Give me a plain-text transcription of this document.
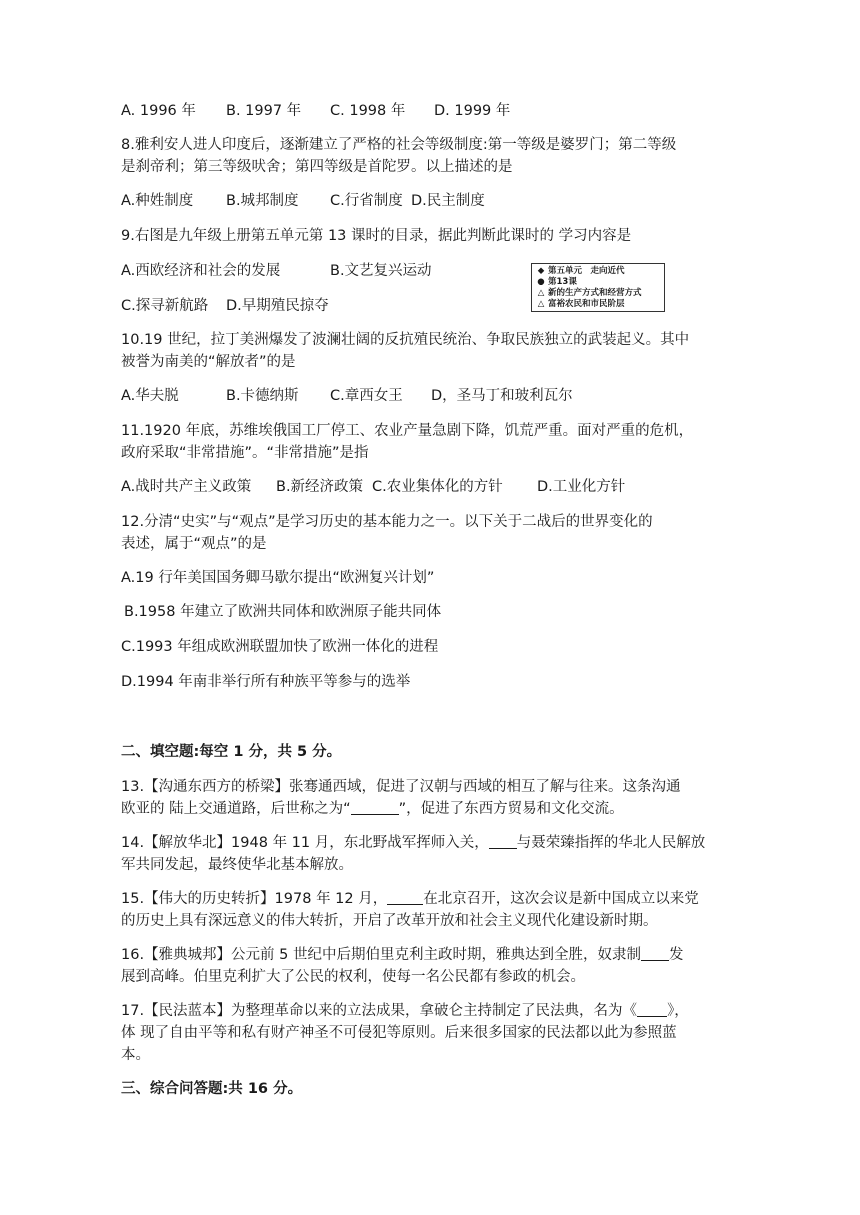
A. 1996 年 B. 1997 年 C. 1998 年 D. 1999 年
8.雅利安人进人印度后，逐渐建立了严格的社会等级制度:第一等级是婆罗门；第二等级
是刹帝利；第三等级吠舍；第四等级是首陀罗。以上描述的是
A.种姓制度 B.城邦制度 C.行省制度 D.民主制度
9.右图是九年级上册第五单元第 13 课时的目录，据此判断此课时的 学习内容是
A.西欧经济和社会的发展	B.文艺复兴运动
C.探寻新航路 D.早期殖民掠夺
◆ 第五单元　走向近代
● 第13课
△ 新的生产方式和经营方式
△ 富裕农民和市民阶层
10.19 世纪，拉丁美洲爆发了波澜壮阔的反抗殖民统治、争取民族独立的武装起义。其中
被誉为南美的“解放者”的是
A.华夫脱	B.卡德纳斯 C.章西女王 D，圣马丁和玻利瓦尔
11.1920 年底，苏维埃俄国工厂停工、农业产量急剧下降，饥荒严重。面对严重的危机，
政府采取“非常措施”。“非常措施”是指
A.战时共产主义政策 B.新经济政策 C.农业集体化的方针 D.工业化方针
12.分清“史实”与“观点”是学习历史的基本能力之一。以下关于二战后的世界变化的
表述，属于“观点”的是
A.19 行年美国国务卿马歇尔提出“欧洲复兴计划”
B.1958 年建立了欧洲共同体和欧洲原子能共同体
C.1993 年组成欧洲联盟加快了欧洲一体化的进程
D.1994 年南非举行所有种族平等参与的选举
二、填空题:每空 1 分，共 5 分。
13.【沟通东西方的桥梁】张骞通西域，促进了汉朝与西域的相互了解与往来。这条沟通
欧亚的 陆上交通道路，后世称之为“	”，促进了东西方贸易和文化交流。
14.【解放华北】1948 年 11 月，东北野战军挥师入关， 与聂荣臻指挥的华北人民解放
军共同发起，最终使华北基本解放。
15.【伟大的历史转折】1978 年 12 月， 在北京召开，这次会议是新中国成立以来党
的历史上具有深远意义的伟大转折，开启了改革开放和社会主义现代化建设新时期。
16.【雅典城邦】公元前 5 世纪中后期伯里克利主政时期，雅典达到全胜，奴隶制 发
展到高峰。伯里克利扩大了公民的权利，使每一名公民都有参政的机会。
17.【民法蓝本】为整理革命以来的立法成果，拿破仑主持制定了民法典，名为《 》，
体 现了自由平等和私有财产神圣不可侵犯等原则。后来很多国家的民法都以此为参照蓝
本。
三、综合问答题:共 16 分。
